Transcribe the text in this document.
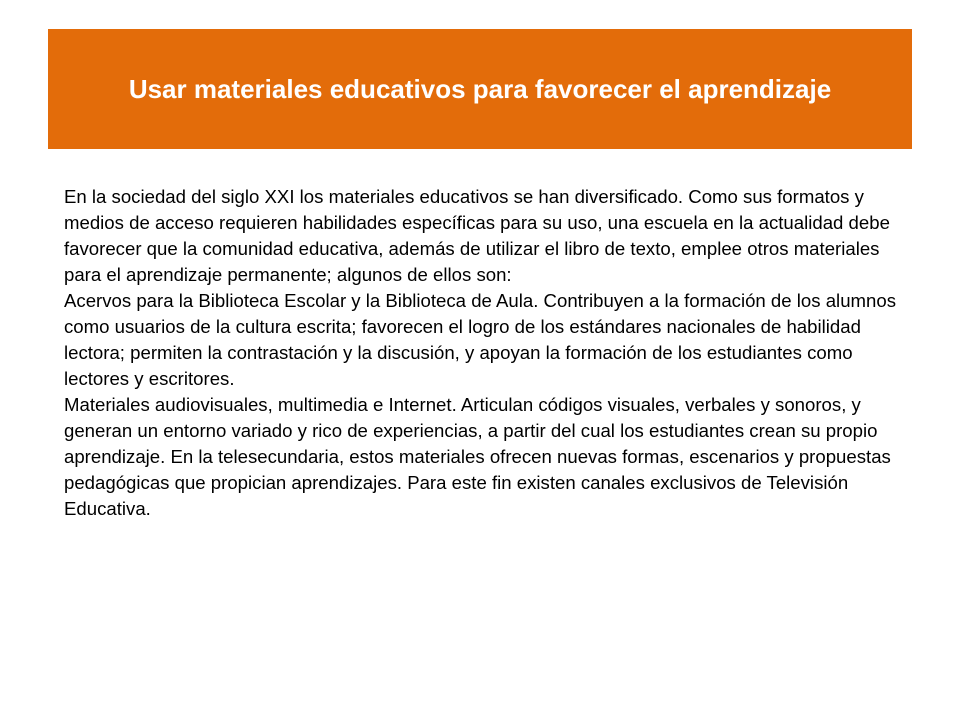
Usar materiales educativos para favorecer el aprendizaje

En la sociedad del siglo XXI los materiales educativos se han diversificado. Como sus formatos y medios de acceso requieren habilidades específicas para su uso, una escuela en la actualidad debe favorecer que la comunidad educativa, además de utilizar el libro de texto, emplee otros materiales para el aprendizaje permanente; algunos de ellos son:

Acervos para la Biblioteca Escolar y la Biblioteca de Aula. Contribuyen a la formación de los alumnos como usuarios de la cultura escrita; favorecen el logro de los estándares nacionales de habilidad lectora; permiten la contrastación y la discusión, y apoyan la formación de los estudiantes como lectores y escritores.

Materiales audiovisuales, multimedia e Internet. Articulan códigos visuales, verbales y sonoros, y generan un entorno variado y rico de experiencias, a partir del cual los estudiantes crean su propio aprendizaje. En la telesecundaria, estos materiales ofrecen nuevas formas, escenarios y propuestas pedagógicas que propician aprendizajes. Para este fin existen canales exclusivos de Televisión Educativa.
